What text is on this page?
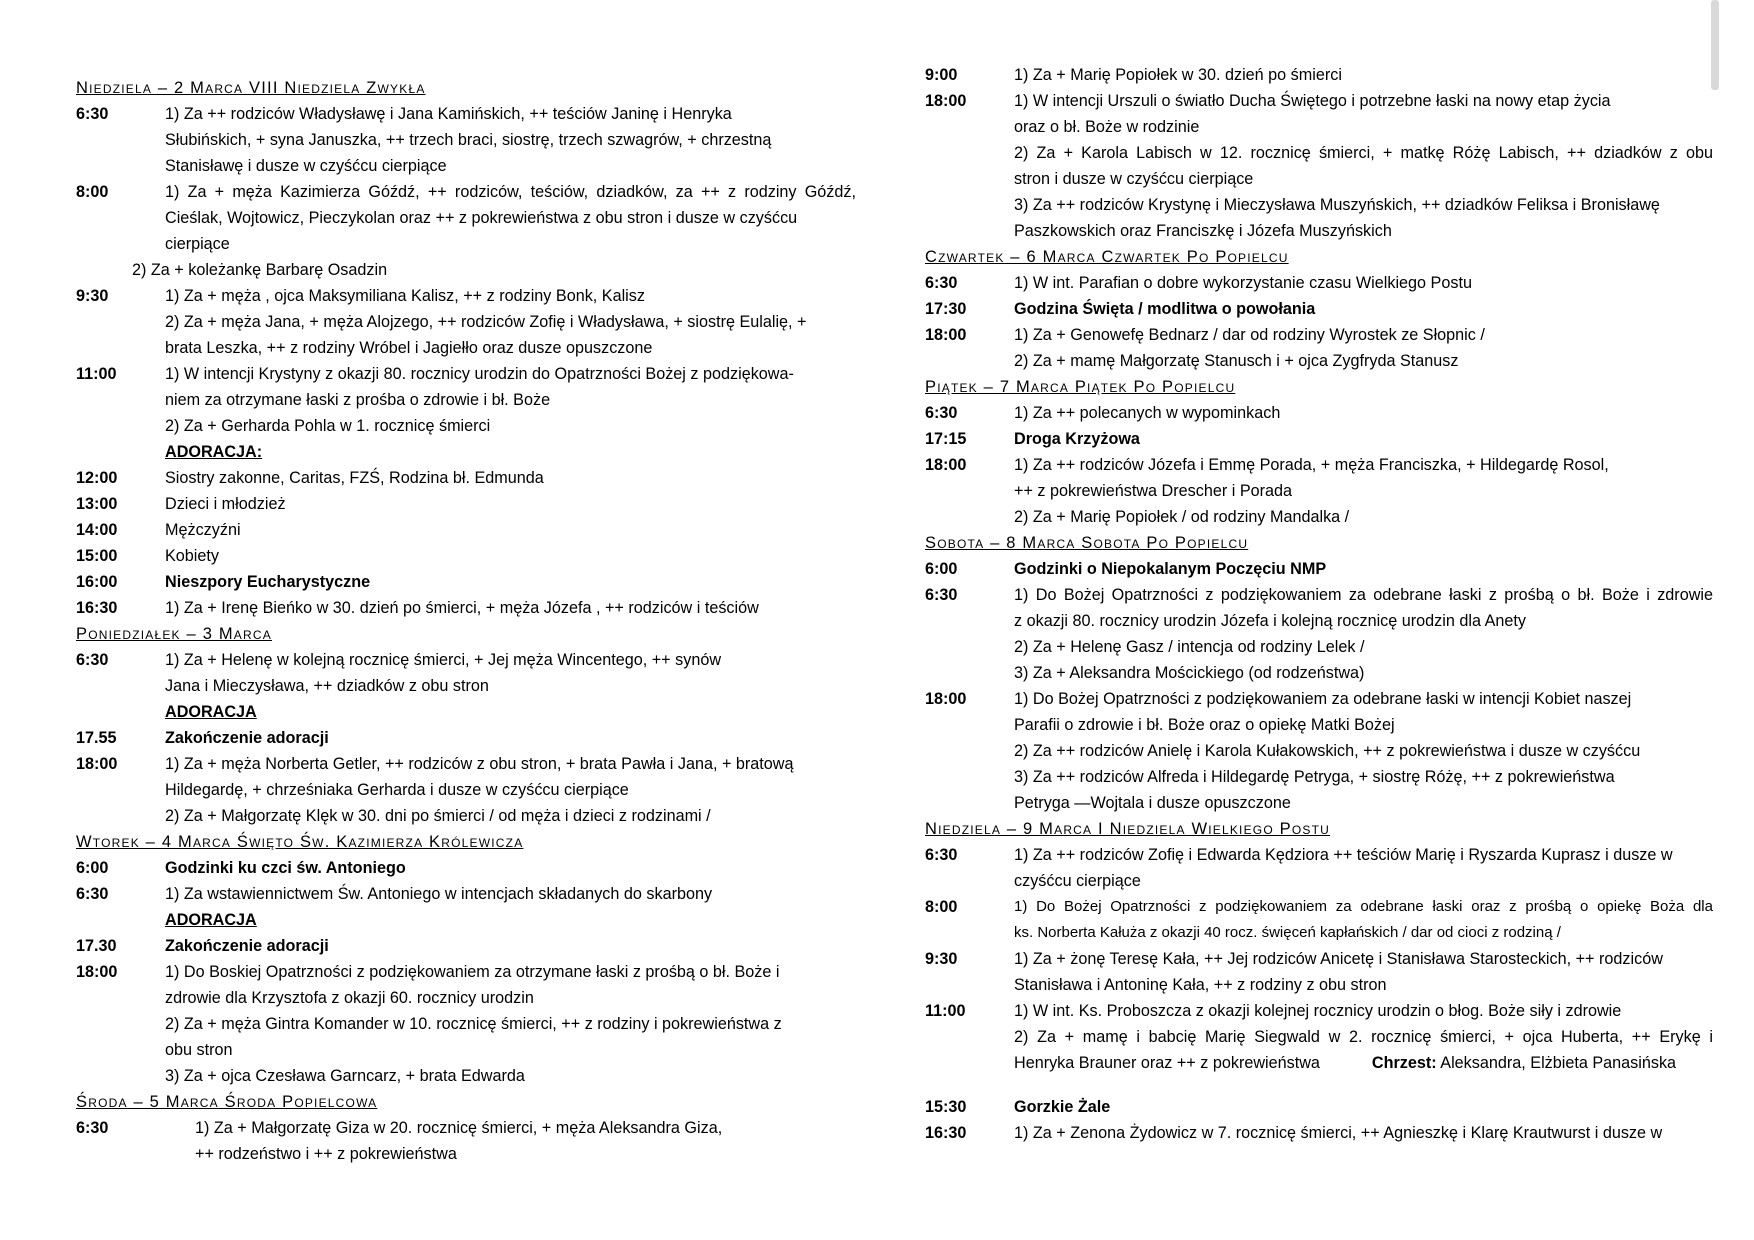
Niedziela – 2 Marca VIII Niedziela Zwykła
6:30	1) Za ++ rodziców Władysławę i Jana Kamińskich, ++ teściów Janinę i Henryka
Słubińskich, + syna Januszka, ++ trzech braci, siostrę, trzech szwagrów, + chrzestną
Stanisławę i dusze w czyśćcu cierpiące
8:00	1) Za + męża Kazimierza Góźdź, ++ rodziców, teściów, dziadków, za ++ z rodziny Góźdź,
Cieślak, Wojtowicz, Pieczykolan oraz ++ z pokrewieństwa z obu stron i dusze w czyśćcu
cierpiące
2) Za + koleżankę Barbarę Osadzin
9:30	1) Za + męża , ojca Maksymiliana Kalisz, ++ z rodziny Bonk, Kalisz
2) Za + męża Jana, + męża Alojzego, ++ rodziców Zofię i Władysława, + siostrę Eulalię, +
brata Leszka, ++ z rodziny Wróbel i Jagiełło oraz dusze opuszczone
11:00	1) W intencji Krystyny z okazji 80. rocznicy urodzin do Opatrzności Bożej z podziękowa-
niem za otrzymane łaski z prośba o zdrowie i bł. Boże
2) Za + Gerharda Pohla w 1. rocznicę śmierci
ADORACJA:
12:00	Siostry zakonne, Caritas, FZŚ, Rodzina bł. Edmunda
13:00	Dzieci i młodzież
14:00	Mężczyźni
15:00	Kobiety
16:00	Nieszpory Eucharystyczne
16:30	1) Za + Irenę Bieńko w 30. dzień po śmierci, + męża Józefa , ++ rodziców i teściów
Poniedziałek – 3 Marca
6:30	1) Za + Helenę w kolejną rocznicę śmierci, + Jej męża Wincentego, ++ synów
Jana i Mieczysława, ++ dziadków z obu stron
ADORACJA
17.55	Zakończenie adoracji
18:00	1) Za + męża Norberta Getler, ++ rodziców z obu stron, + brata Pawła i Jana, + bratową
Hildegardę, + chrześniaka Gerharda i dusze w czyśćcu cierpiące
2) Za + Małgorzatę Klęk w 30. dni po śmierci / od męża i dzieci z rodzinami /
Wtorek – 4 Marca Święto Św. Kazimierza Królewicza
6:00	Godzinki ku czci św. Antoniego
6:30	1) Za wstawiennictwem Św. Antoniego w intencjach składanych do skarbony
ADORACJA
17.30	Zakończenie adoracji
18:00	1) Do Boskiej Opatrzności z podziękowaniem za otrzymane łaski z prośbą o bł. Boże i
zdrowie dla Krzysztofa z okazji 60. rocznicy urodzin
2) Za + męża Gintra Komander w 10. rocznicę śmierci, ++ z rodziny i pokrewieństwa z
obu stron
3) Za + ojca Czesława Garncarz, + brata Edwarda
Środa – 5 Marca Środa Popielcowa
6:30	1) Za + Małgorzatę Giza w 20. rocznicę śmierci, + męża Aleksandra Giza,
++ rodzeństwo i ++ z pokrewieństwa
9:00	1) Za + Marię Popiołek w 30. dzień po śmierci
18:00	1) W intencji Urszuli o światło Ducha Świętego i potrzebne łaski na nowy etap życia
oraz o bł. Boże w rodzinie
2) Za + Karola Labisch w 12. rocznicę śmierci, + matkę Różę Labisch, ++ dziadków z obu
stron i dusze w czyśćcu cierpiące
3) Za ++ rodziców Krystynę i Mieczysława Muszyńskich, ++ dziadków Feliksa i Bronisławę
Paszkowskich oraz Franciszkę i Józefa Muszyńskich
Czwartek – 6 Marca Czwartek Po Popielcu
6:30	1) W int. Parafian o dobre wykorzystanie czasu Wielkiego Postu
17:30	Godzina Święta / modlitwa o powołania
18:00	1) Za + Genowefę Bednarz / dar od rodziny Wyrostek ze Słopnic /
2) Za + mamę Małgorzatę Stanusch i + ojca Zygfryda Stanusz
Piątek – 7 Marca Piątek Po Popielcu
6:30	1) Za ++ polecanych w wypominkach
17:15	Droga Krzyżowa
18:00	1) Za ++ rodziców Józefa i Emmę Porada, + męża Franciszka, + Hildegardę Rosol,
++ z pokrewieństwa Drescher i Porada
2) Za + Marię Popiołek / od rodziny Mandalka /
Sobota – 8 Marca Sobota Po Popielcu
6:00	Godzinki o Niepokalanym Poczęciu NMP
6:30	1) Do Bożej Opatrzności z podziękowaniem za odebrane łaski z prośbą o bł. Boże i zdrowie
z okazji 80. rocznicy urodzin Józefa i kolejną rocznicę urodzin dla Anety
2) Za + Helenę Gasz / intencja od rodziny Lelek /
3) Za + Aleksandra Mościckiego (od rodzeństwa)
18:00	1) Do Bożej Opatrzności z podziękowaniem za odebrane łaski w intencji Kobiet naszej
Parafii o zdrowie i bł. Boże oraz o opiekę Matki Bożej
2) Za ++ rodziców Anielę i Karola Kułakowskich, ++ z pokrewieństwa i dusze w czyśćcu
3) Za ++ rodziców Alfreda i Hildegardę Petryga, + siostrę Różę, ++ z pokrewieństwa
Petryga —Wojtala i dusze opuszczone
Niedziela – 9 Marca I Niedziela Wielkiego Postu
6:30	1) Za ++ rodziców Zofię i Edwarda Kędziora ++ teściów Marię i Ryszarda Kuprasz i dusze w
czyśćcu cierpiące
8:00	1) Do Bożej Opatrzności z podziękowaniem za odebrane łaski oraz z prośbą o opiekę Boża dla
ks. Norberta Kałuża z okazji 40 rocz. święceń kapłańskich / dar od cioci z rodziną /
9:30	1) Za + żonę Teresę Kała, ++ Jej rodziców Anicetę i Stanisława Starosteckich, ++ rodziców
Stanisława i Antoninę Kała, ++ z rodziny z obu stron
11:00	1) W int. Ks. Proboszcza z okazji kolejnej rocznicy urodzin o błog. Boże siły i zdrowie
2) Za + mamę i babcię Marię Siegwald w 2. rocznicę śmierci, + ojca Huberta, ++ Erykę i
Henryka Brauner oraz ++ z pokrewieństwa	Chrzest: Aleksandra, Elżbieta Panasińska
15:30	Gorzkie Żale
16:30	1) Za + Zenona Żydowicz w 7. rocznicę śmierci, ++ Agnieszkę i Klarę Krautwurst i dusze w
